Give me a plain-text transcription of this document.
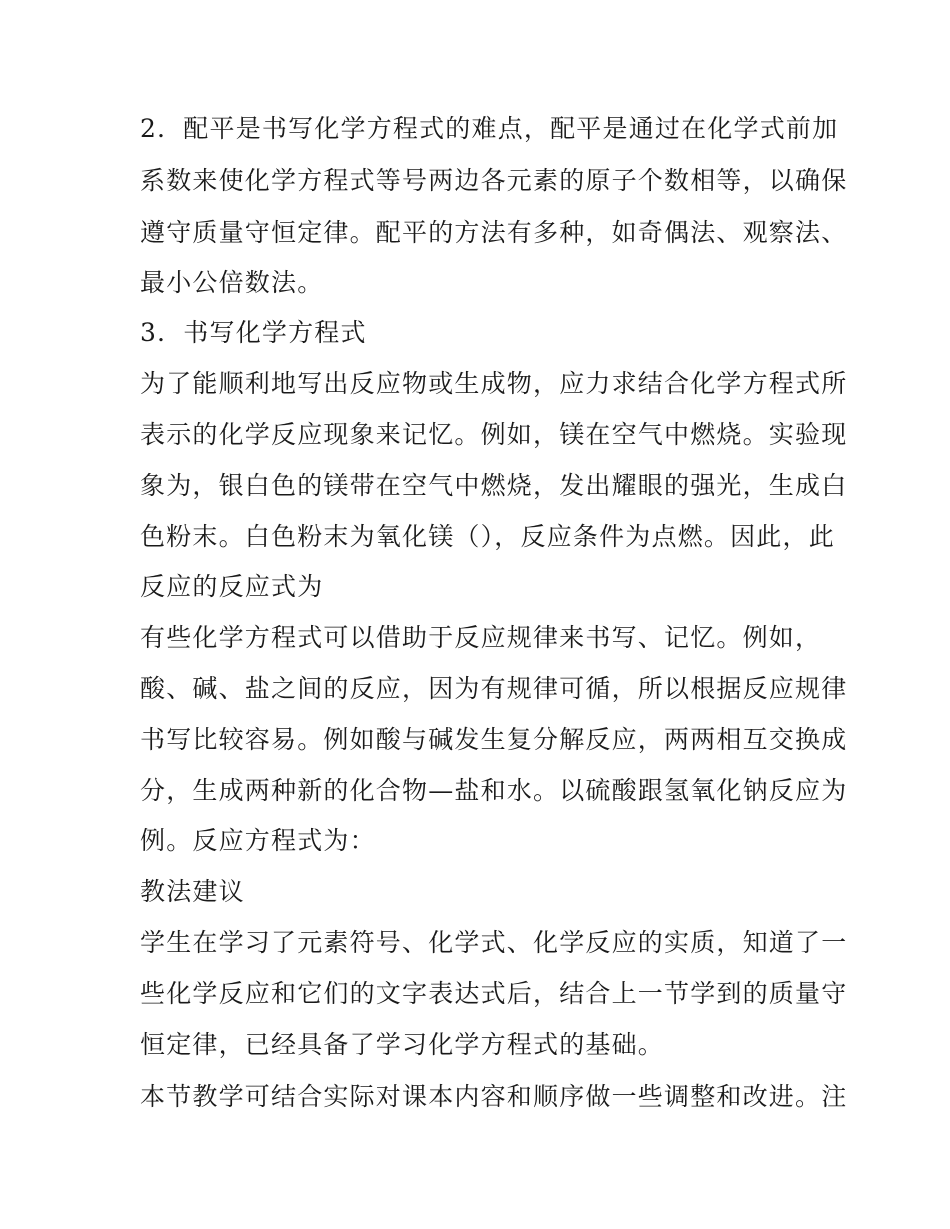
2．配平是书写化学方程式的难点，配平是通过在化学式前加
系数来使化学方程式等号两边各元素的原子个数相等，以确保
遵守质量守恒定律。配平的方法有多种，如奇偶法、观察法、
最小公倍数法。
3．书写化学方程式
为了能顺利地写出反应物或生成物，应力求结合化学方程式所
表示的化学反应现象来记忆。例如，镁在空气中燃烧。实验现
象为，银白色的镁带在空气中燃烧，发出耀眼的强光，生成白
色粉末。白色粉末为氧化镁（），反应条件为点燃。因此，此
反应的反应式为
有些化学方程式可以借助于反应规律来书写、记忆。例如，
酸、碱、盐之间的反应，因为有规律可循，所以根据反应规律
书写比较容易。例如酸与碱发生复分解反应，两两相互交换成
分，生成两种新的化合物—盐和水。以硫酸跟氢氧化钠反应为
例。反应方程式为：
教法建议
学生在学习了元素符号、化学式、化学反应的实质，知道了一
些化学反应和它们的文字表达式后，结合上一节学到的质量守
恒定律，已经具备了学习化学方程式的基础。
本节教学可结合实际对课本内容和顺序做一些调整和改进。注
